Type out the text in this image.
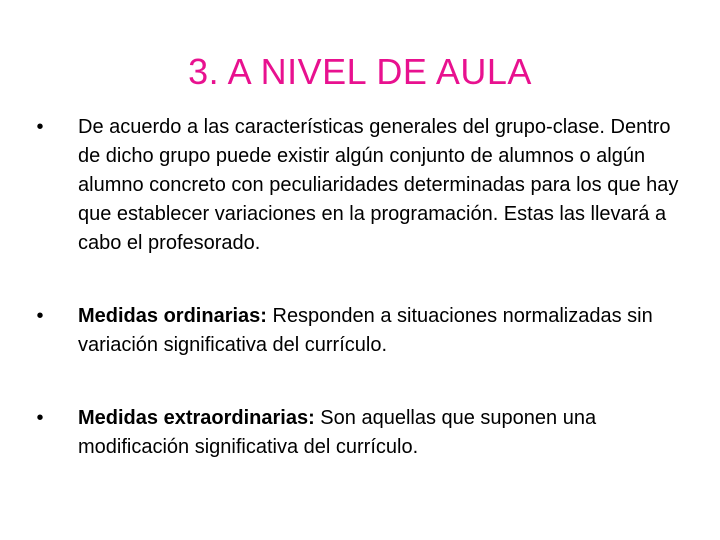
3. A NIVEL DE AULA
•	De acuerdo a las características generales del grupo-clase. Dentro de dicho grupo puede existir algún conjunto de alumnos o algún alumno concreto con peculiaridades determinadas para los que hay que establecer variaciones en la programación. Estas las llevará a cabo el profesorado.
•	Medidas ordinarias: Responden a situaciones normalizadas sin variación significativa del currículo.
•	Medidas extraordinarias: Son aquellas que suponen una modificación significativa del currículo.
